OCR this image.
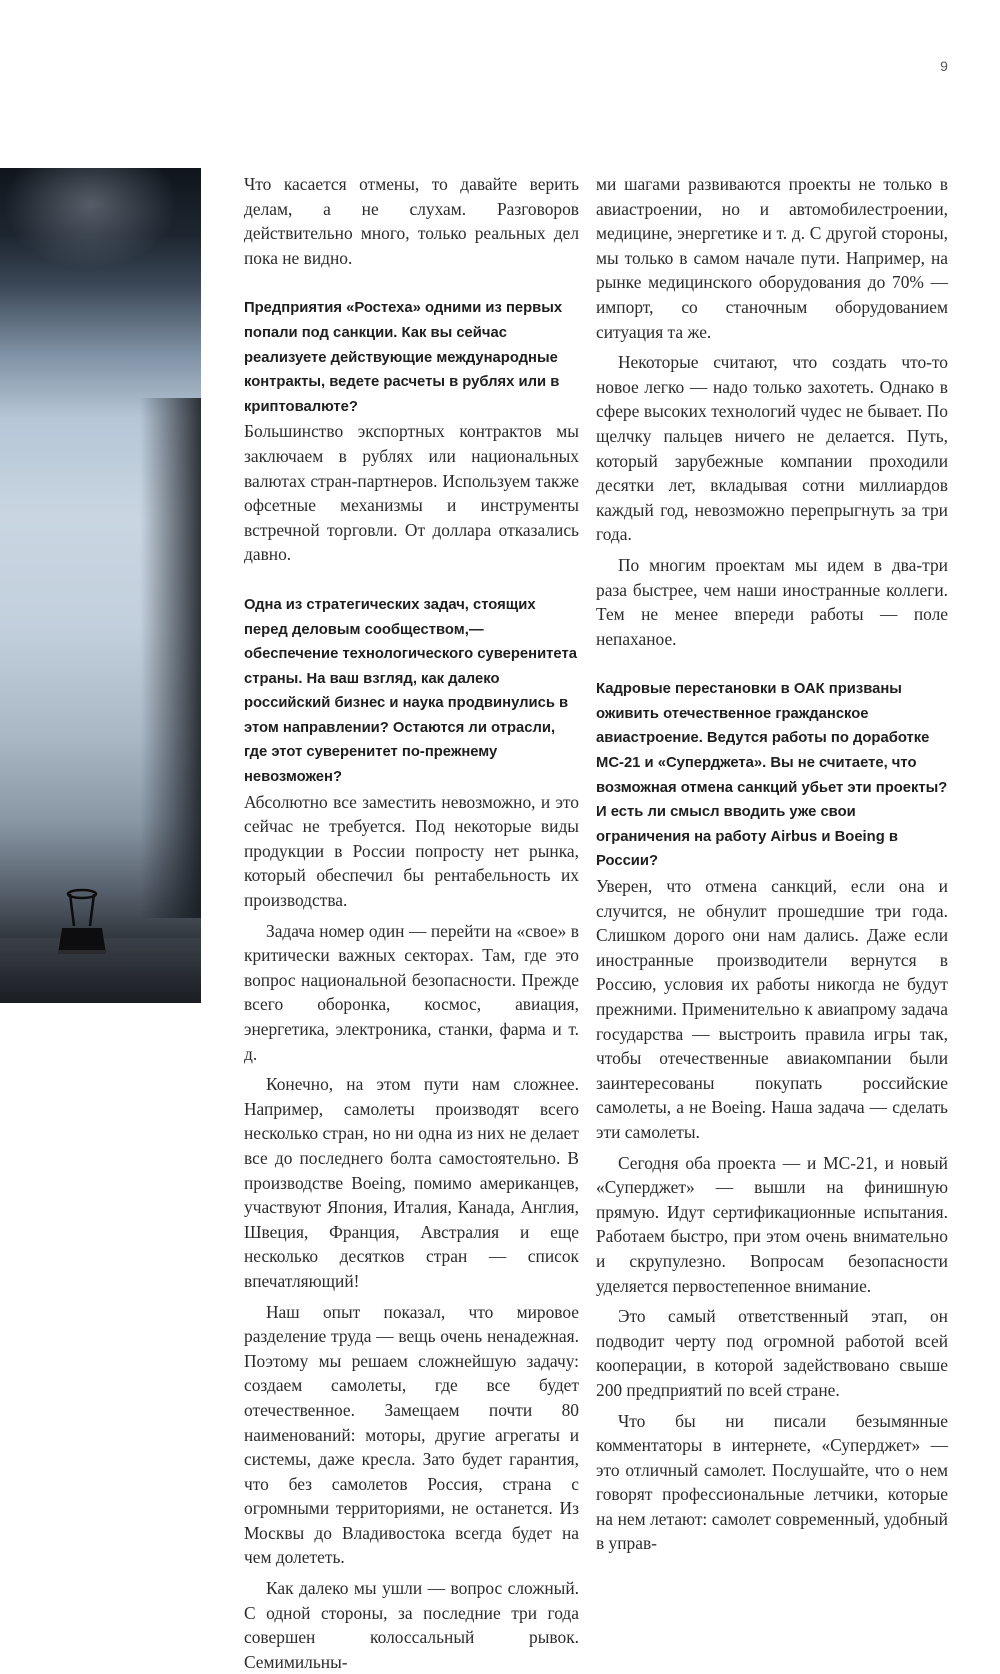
9

Что касается отмены, то давайте верить делам, а не слухам. Разговоров действительно много, только реальных дел пока не видно.

Предприятия «Ростеха» одними из первых попали под санкции. Как вы сейчас реализуете действующие международные контракты, ведете расчеты в рублях или в криптовалюте?

Большинство экспортных контрактов мы заключаем в рублях или национальных валютах стран-партнеров. Используем также офсетные механизмы и инструменты встречной торговли. От доллара отказались давно.

Одна из стратегических задач, стоящих перед деловым сообществом,— обеспечение технологического суверенитета страны. На ваш взгляд, как далеко российский бизнес и наука продвинулись в этом направлении? Остаются ли отрасли, где этот суверенитет по-прежнему невозможен?

Абсолютно все заместить невозможно, и это сейчас не требуется. Под некоторые виды продукции в России попросту нет рынка, который обеспечил бы рентабельность их производства.

Задача номер один — перейти на «свое» в критически важных секторах. Там, где это вопрос национальной безопасности. Прежде всего оборонка, космос, авиация, энергетика, электроника, станки, фарма и т. д.

Конечно, на этом пути нам сложнее. Например, самолеты производят всего несколько стран, но ни одна из них не делает все до последнего болта самостоятельно. В производстве Boeing, помимо американцев, участвуют Япония, Италия, Канада, Англия, Швеция, Франция, Австралия и еще несколько десятков стран — список впечатляющий!

Наш опыт показал, что мировое разделение труда — вещь очень ненадежная. Поэтому мы решаем сложнейшую задачу: создаем самолеты, где все будет отечественное. Замещаем почти 80 наименований: моторы, другие агрегаты и системы, даже кресла. Зато будет гарантия, что без самолетов Россия, страна с огромными территориями, не останется. Из Москвы до Владивостока всегда будет на чем долететь.

Как далеко мы ушли — вопрос сложный. С одной стороны, за последние три года совершен колоссальный рывок. Семимильны-

ми шагами развиваются проекты не только в авиастроении, но и автомобилестроении, медицине, энергетике и т. д. С другой стороны, мы только в самом начале пути. Например, на рынке медицинского оборудования до 70% — импорт, со станочным оборудованием ситуация та же.

Некоторые считают, что создать что-то новое легко — надо только захотеть. Однако в сфере высоких технологий чудес не бывает. По щелчку пальцев ничего не делается. Путь, который зарубежные компании проходили десятки лет, вкладывая сотни миллиардов каждый год, невозможно перепрыгнуть за три года.

По многим проектам мы идем в два-три раза быстрее, чем наши иностранные коллеги. Тем не менее впереди работы — поле непаханое.

Кадровые перестановки в ОАК призваны оживить отечественное гражданское авиастроение. Ведутся работы по доработке МС-21 и «Суперджета». Вы не считаете, что возможная отмена санкций убьет эти проекты? И есть ли смысл вводить уже свои ограничения на работу Airbus и Boeing в России?

Уверен, что отмена санкций, если она и случится, не обнулит прошедшие три года. Слишком дорого они нам дались. Даже если иностранные производители вернутся в Россию, условия их работы никогда не будут прежними. Применительно к авиапрому задача государства — выстроить правила игры так, чтобы отечественные авиакомпании были заинтересованы покупать российские самолеты, а не Boeing. Наша задача — сделать эти самолеты.

Сегодня оба проекта — и МС-21, и новый «Суперджет» — вышли на финишную прямую. Идут сертификационные испытания. Работаем быстро, при этом очень внимательно и скрупулезно. Вопросам безопасности уделяется первостепенное внимание.

Это самый ответственный этап, он подводит черту под огромной работой всей кооперации, в которой задействовано свыше 200 предприятий по всей стране.

Что бы ни писали безымянные комментаторы в интернете, «Суперджет» — это отличный самолет. Послушайте, что о нем говорят профессиональные летчики, которые на нем летают: самолет современный, удобный в управ-
